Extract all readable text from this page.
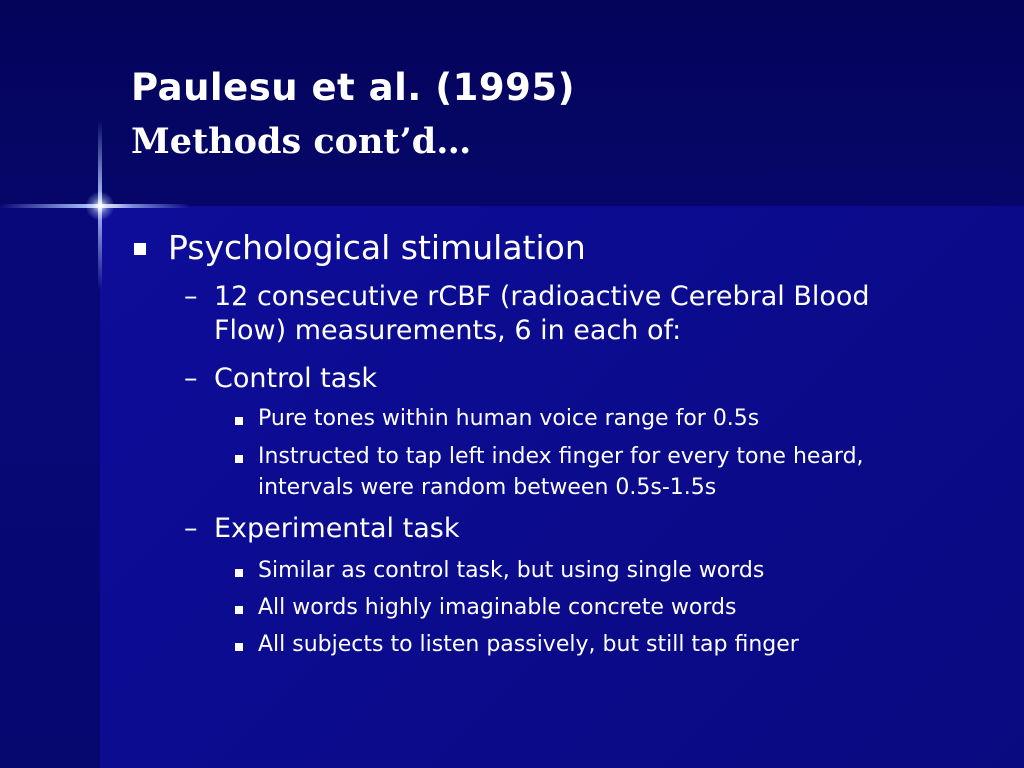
Paulesu et al. (1995)
Methods cont’d…
Psychological stimulation
– 12 consecutive rCBF (radioactive Cerebral Blood
Flow) measurements, 6 in each of:
– Control task
Pure tones within human voice range for 0.5s
Instructed to tap left index finger for every tone heard,
intervals were random between 0.5s-1.5s
– Experimental task
Similar as control task, but using single words
All words highly imaginable concrete words
All subjects to listen passively, but still tap finger
